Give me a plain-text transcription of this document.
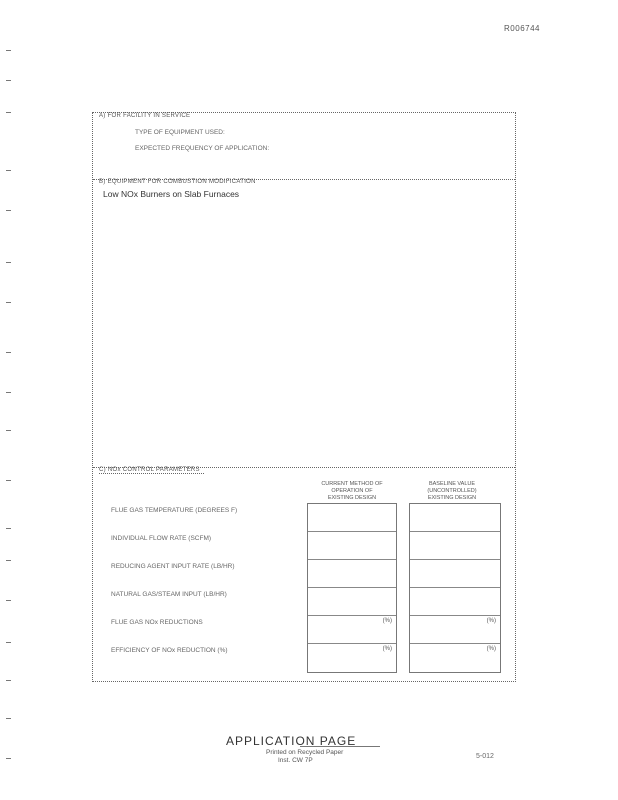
R006744
A) FOR FACILITY IN SERVICE
TYPE OF EQUIPMENT USED:
EXPECTED FREQUENCY OF APPLICATION:
B) EQUIPMENT FOR COMBUSTION MODIFICATION
Low NOx Burners on Slab Furnaces
C) NOx CONTROL PARAMETERS
CURRENT METHOD OF
OPERATION OF
EXISTING DESIGN
BASELINE VALUE
(UNCONTROLLED)
EXISTING DESIGN
FLUE GAS TEMPERATURE (DEGREES F)
INDIVIDUAL FLOW RATE (SCFM)
REDUCING AGENT INPUT RATE (LB/HR)
NATURAL GAS/STEAM INPUT (LB/HR)
FLUE GAS NOx REDUCTIONS
EFFICIENCY OF NOx REDUCTION (%)
(%)
(%)
(%)
(%)
APPLICATION PAGE
Printed on Recycled Paper
Inst. CW 7P
5-012
